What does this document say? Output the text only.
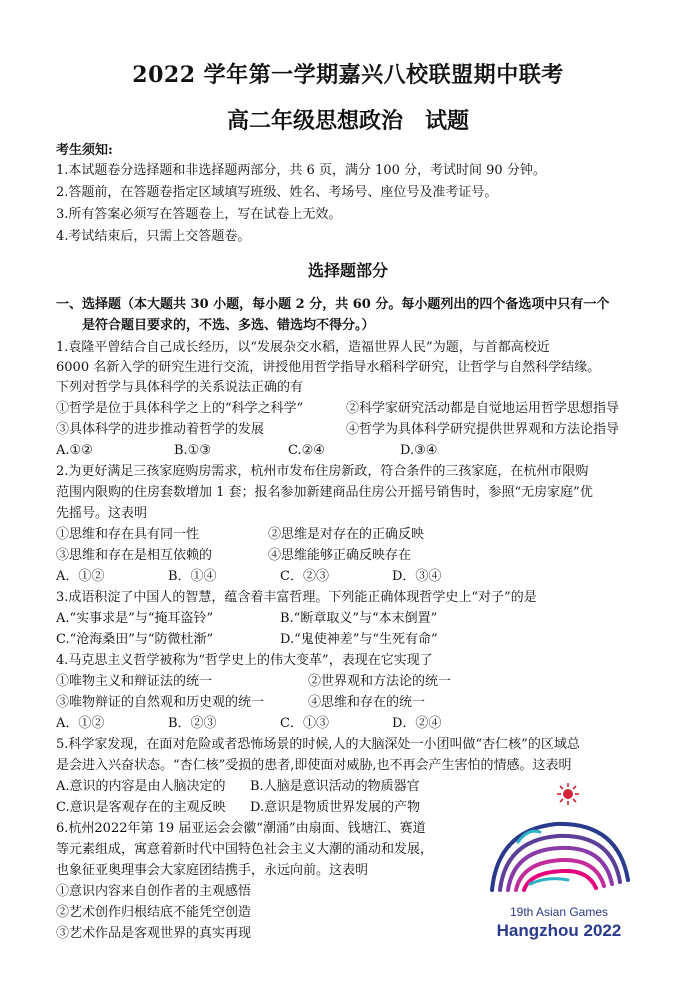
2022 学年第一学期嘉兴八校联盟期中联考
高二年级思想政治　试题
考生须知:
1.本试题卷分选择题和非选择题两部分，共 6 页，满分 100 分，考试时间 90 分钟。
2.答题前，在答题卷指定区域填写班级、姓名、考场号、座位号及准考证号。
3.所有答案必须写在答题卷上，写在试卷上无效。
4.考试结束后，只需上交答题卷。
选择题部分
一、选择题（本大题共 30 小题，每小题 2 分，共 60 分。每小题列出的四个备选项中只有一个
是符合题目要求的，不选、多选、错选均不得分。）
1.袁隆平曾结合自己成长经历，以“发展杂交水稻，造福世界人民”为题，与首都高校近
6000 名新入学的研究生进行交流，讲授他用哲学指导水稻科学研究，让哲学与自然科学结缘。
下列对哲学与具体科学的关系说法正确的有
①哲学是位于具体科学之上的“科学之科学”	②科学家研究活动都是自觉地运用哲学思想指导
③具体科学的进步推动着哲学的发展	④哲学为具体科学研究提供世界观和方法论指导
A.①②	B.①③	C.②④	D.③④
2.为更好满足三孩家庭购房需求，杭州市发布住房新政，符合条件的三孩家庭，在杭州市限购
范围内限购的住房套数增加 1 套；报名参加新建商品住房公开摇号销售时，参照“无房家庭”优
先摇号。这表明
①思维和存在具有同一性	②思维是对存在的正确反映
③思维和存在是相互依赖的	④思维能够正确反映存在
A．①②	B．①④	C．②③	D．③④
3.成语积淀了中国人的智慧，蕴含着丰富哲理。下列能正确体现哲学史上“对子”的是
A.“实事求是”与“掩耳盗铃”	B.“断章取义”与“本末倒置”
C.“沧海桑田”与“防微杜渐”	D.“鬼使神差”与“生死有命”
4.马克思主义哲学被称为“哲学史上的伟大变革”，表现在它实现了
①唯物主义和辩证法的统一	②世界观和方法论的统一
③唯物辩证的自然观和历史观的统一	④思维和存在的统一
A．①②	B．②③	C．①③	D．②④
5.科学家发现，在面对危险或者恐怖场景的时候,人的大脑深处一小团叫做“杏仁核”的区域总
是会进入兴奋状态。“杏仁核”受损的患者,即使面对威胁,也不再会产生害怕的情感。这表明
A.意识的内容是由人脑决定的 B.人脑是意识活动的物质器官
C.意识是客观存在的主观反映 D.意识是物质世界发展的产物
6.杭州2022年第 19 届亚运会会徽“潮涌”由扇面、钱塘江、赛道
等元素组成，寓意着新时代中国特色社会主义大潮的涌动和发展，
也象征亚奥理事会大家庭团结携手，永远向前。这表明
①意识内容来自创作者的主观感悟
②艺术创作归根结底不能凭空创造
③艺术作品是客观世界的真实再现
19th Asian Games
Hangzhou 2022
